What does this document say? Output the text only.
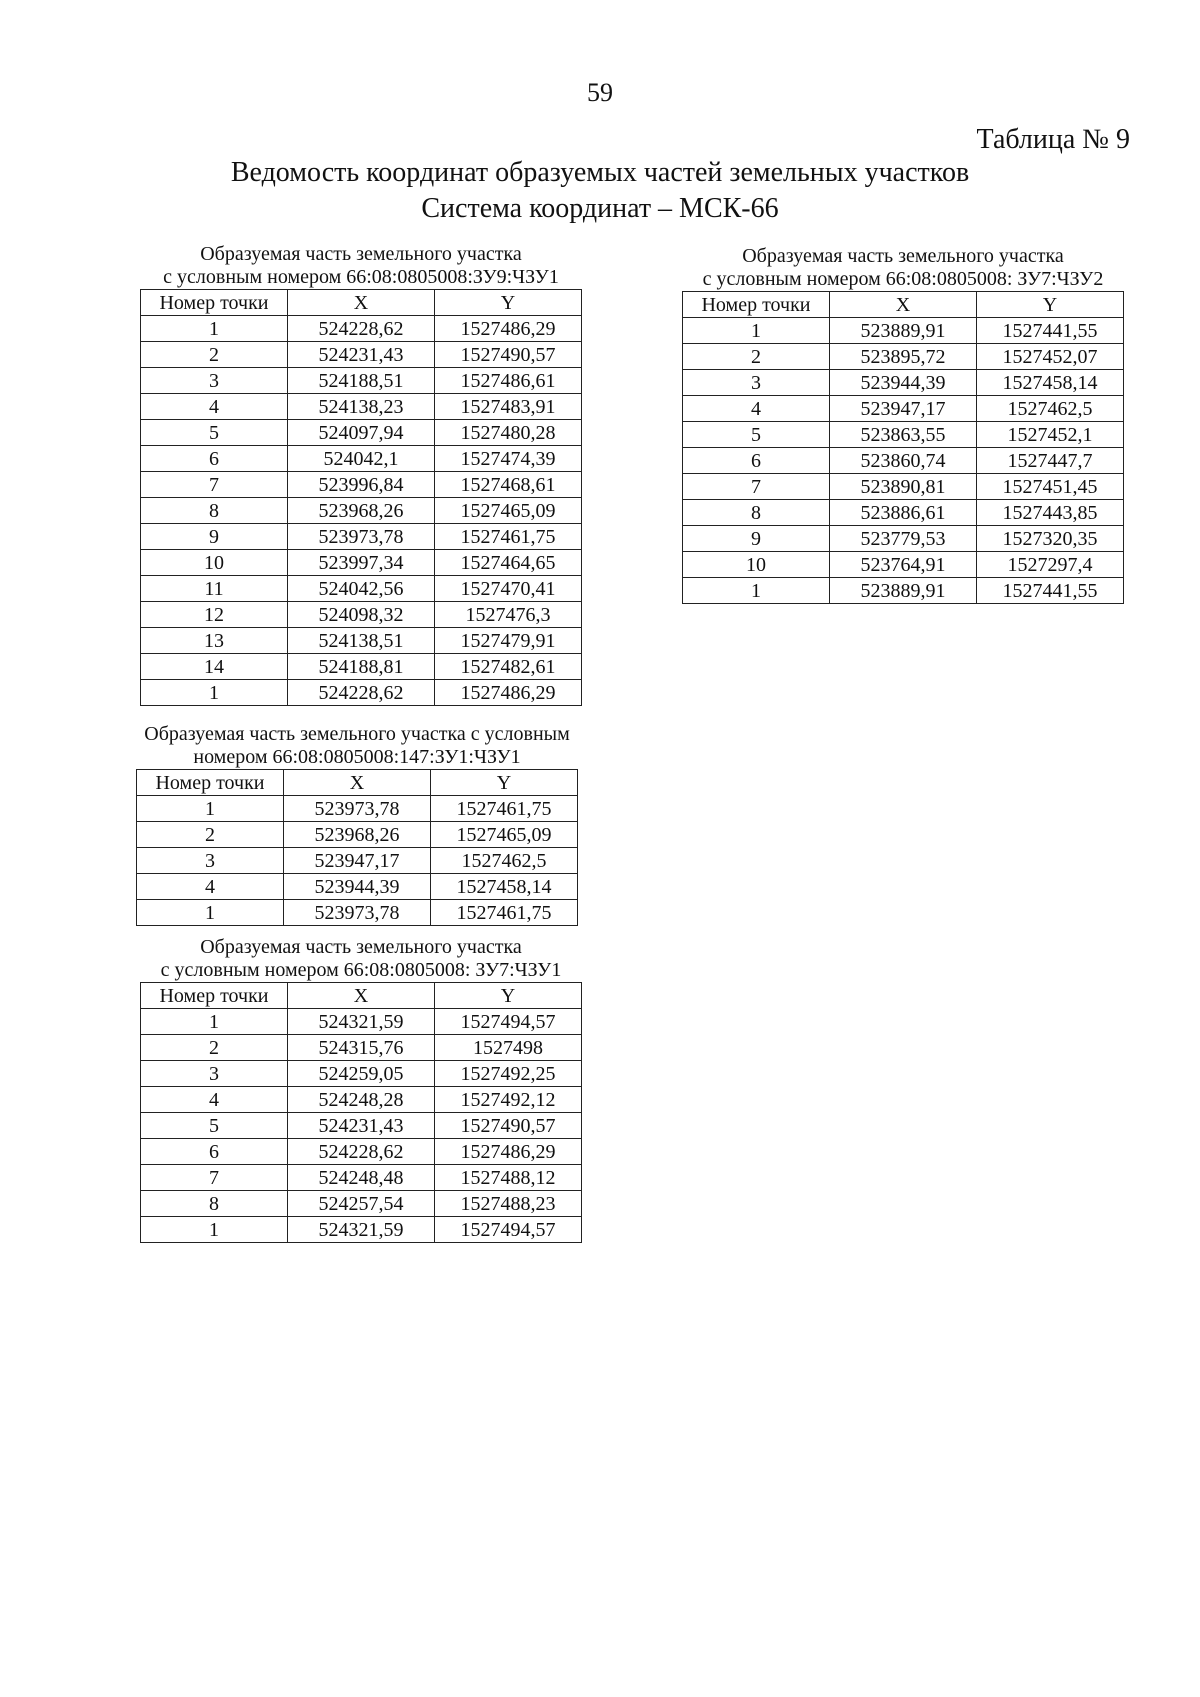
59
Таблица № 9
Ведомость координат образуемых частей земельных участков
Система координат – МСК-66
Образуемая часть земельного участка
с условным номером 66:08:0805008:ЗУ9:ЧЗУ1
Номер точки	X	Y
1	524228,62	1527486,29
2	524231,43	1527490,57
3	524188,51	1527486,61
4	524138,23	1527483,91
5	524097,94	1527480,28
6	524042,1	1527474,39
7	523996,84	1527468,61
8	523968,26	1527465,09
9	523973,78	1527461,75
10	523997,34	1527464,65
11	524042,56	1527470,41
12	524098,32	1527476,3
13	524138,51	1527479,91
14	524188,81	1527482,61
1	524228,62	1527486,29
Образуемая часть земельного участка
с условным номером 66:08:0805008: ЗУ7:ЧЗУ2
Номер точки	X	Y
1	523889,91	1527441,55
2	523895,72	1527452,07
3	523944,39	1527458,14
4	523947,17	1527462,5
5	523863,55	1527452,1
6	523860,74	1527447,7
7	523890,81	1527451,45
8	523886,61	1527443,85
9	523779,53	1527320,35
10	523764,91	1527297,4
1	523889,91	1527441,55
Образуемая часть земельного участка с условным
номером 66:08:0805008:147:ЗУ1:ЧЗУ1
Номер точки	X	Y
1	523973,78	1527461,75
2	523968,26	1527465,09
3	523947,17	1527462,5
4	523944,39	1527458,14
1	523973,78	1527461,75
Образуемая часть земельного участка
с условным номером 66:08:0805008: ЗУ7:ЧЗУ1
Номер точки	X	Y
1	524321,59	1527494,57
2	524315,76	1527498
3	524259,05	1527492,25
4	524248,28	1527492,12
5	524231,43	1527490,57
6	524228,62	1527486,29
7	524248,48	1527488,12
8	524257,54	1527488,23
1	524321,59	1527494,57
